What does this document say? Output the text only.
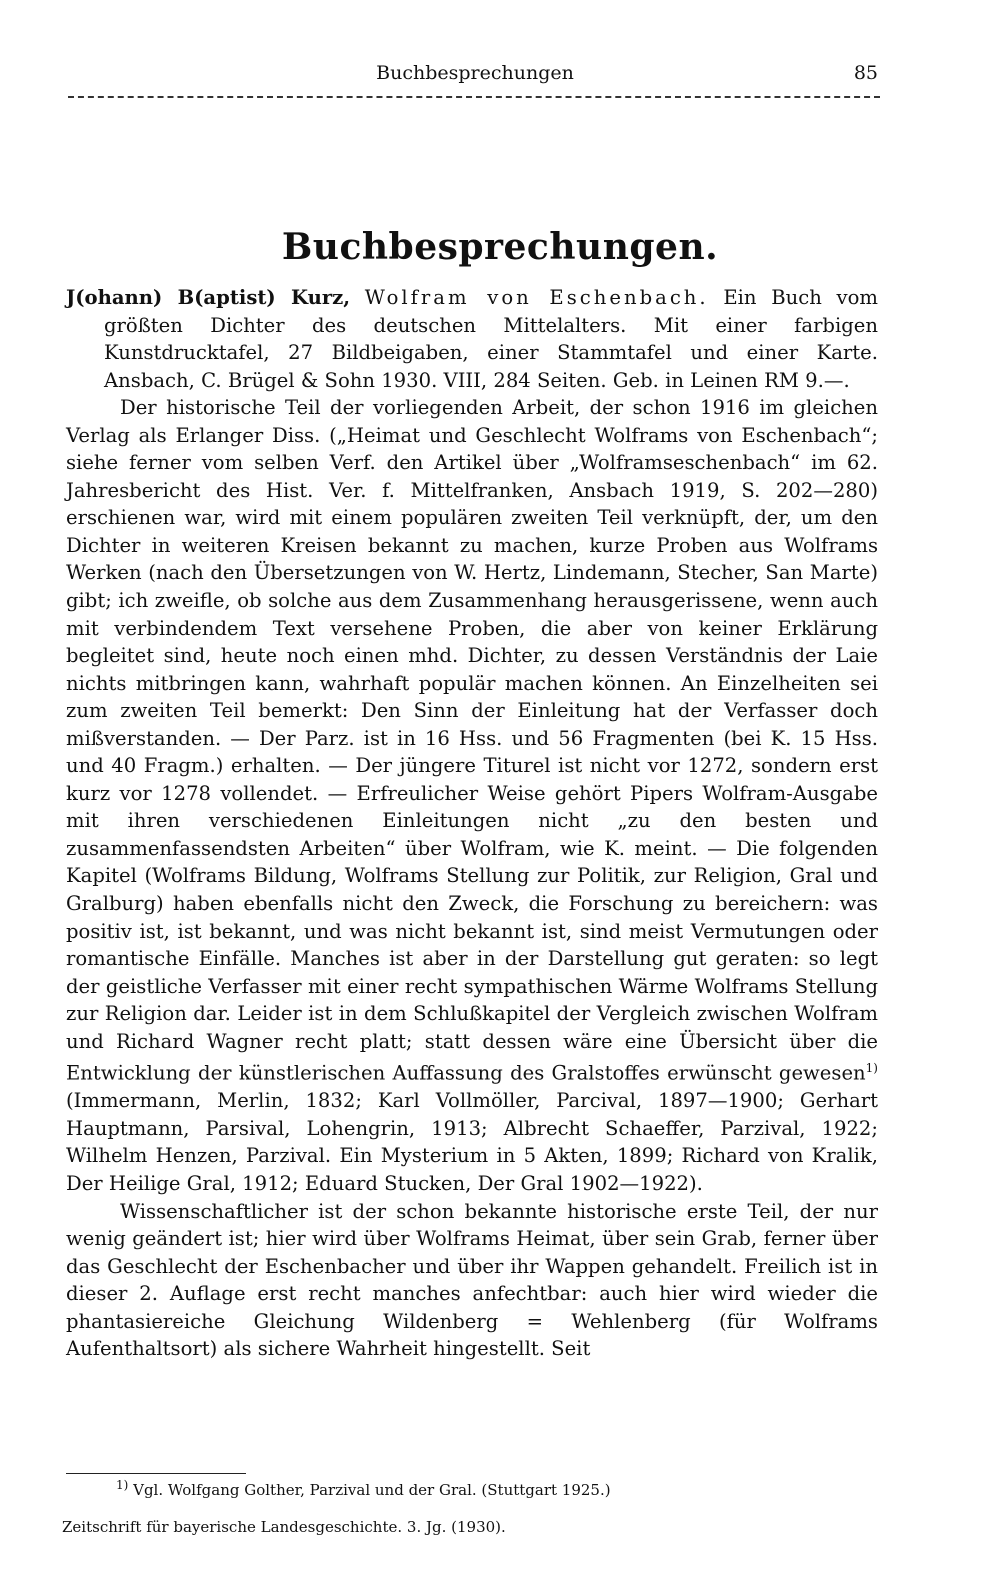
Buchbesprechungen	85
Buchbesprechungen.

J(ohann) B(aptist) Kurz, Wolfram von Eschenbach. Ein Buch vom größten Dichter des deutschen Mittelalters. Mit einer farbigen Kunstdrucktafel, 27 Bildbeigaben, einer Stammtafel und einer Karte. Ansbach, C. Brügel & Sohn 1930. VIII, 284 Seiten. Geb. in Leinen RM 9.—.

Der historische Teil der vorliegenden Arbeit, der schon 1916 im gleichen Verlag als Erlanger Diss. („Heimat und Geschlecht Wolframs von Eschenbach“; siehe ferner vom selben Verf. den Artikel über „Wolframseschenbach“ im 62. Jahresbericht des Hist. Ver. f. Mittelfranken, Ansbach 1919, S. 202—280) erschienen war, wird mit einem populären zweiten Teil verknüpft, der, um den Dichter in weiteren Kreisen bekannt zu machen, kurze Proben aus Wolframs Werken (nach den Übersetzungen von W. Hertz, Lindemann, Stecher, San Marte) gibt; ich zweifle, ob solche aus dem Zusammenhang herausgerissene, wenn auch mit verbindendem Text versehene Proben, die aber von keiner Erklärung begleitet sind, heute noch einen mhd. Dichter, zu dessen Verständnis der Laie nichts mitbringen kann, wahrhaft populär machen können. An Einzelheiten sei zum zweiten Teil bemerkt: Den Sinn der Einleitung hat der Verfasser doch mißverstanden. — Der Parz. ist in 16 Hss. und 56 Fragmenten (bei K. 15 Hss. und 40 Fragm.) erhalten. — Der jüngere Titurel ist nicht vor 1272, sondern erst kurz vor 1278 vollendet. — Erfreulicher Weise gehört Pipers Wolfram-Ausgabe mit ihren verschiedenen Einleitungen nicht „zu den besten und zusammenfassendsten Arbeiten“ über Wolfram, wie K. meint. — Die folgenden Kapitel (Wolframs Bildung, Wolframs Stellung zur Politik, zur Religion, Gral und Gralburg) haben ebenfalls nicht den Zweck, die Forschung zu bereichern: was positiv ist, ist bekannt, und was nicht bekannt ist, sind meist Vermutungen oder romantische Einfälle. Manches ist aber in der Darstellung gut geraten: so legt der geistliche Verfasser mit einer recht sympathischen Wärme Wolframs Stellung zur Religion dar. Leider ist in dem Schlußkapitel der Vergleich zwischen Wolfram und Richard Wagner recht platt; statt dessen wäre eine Übersicht über die Entwicklung der künstlerischen Auffassung des Gralstoffes erwünscht gewesen$^{1)}$ (Immermann, Merlin, 1832; Karl Vollmöller, Parcival, 1897—1900; Gerhart Hauptmann, Parsival, Lohengrin, 1913; Albrecht Schaeffer, Parzival, 1922; Wilhelm Henzen, Parzival. Ein Mysterium in 5 Akten, 1899; Richard von Kralik, Der Heilige Gral, 1912; Eduard Stucken, Der Gral 1902—1922).

Wissenschaftlicher ist der schon bekannte historische erste Teil, der nur wenig geändert ist; hier wird über Wolframs Heimat, über sein Grab, ferner über das Geschlecht der Eschenbacher und über ihr Wappen gehandelt. Freilich ist in dieser 2. Auflage erst recht manches anfechtbar: auch hier wird wieder die phantasiereiche Gleichung Wildenberg = Wehlenberg (für Wolframs Aufenthaltsort) als sichere Wahrheit hingestellt. Seit

$^{1)}$ Vgl. Wolfgang Golther, Parzival und der Gral. (Stuttgart 1925.)
Zeitschrift für bayerische Landesgeschichte. 3. Jg. (1930).
